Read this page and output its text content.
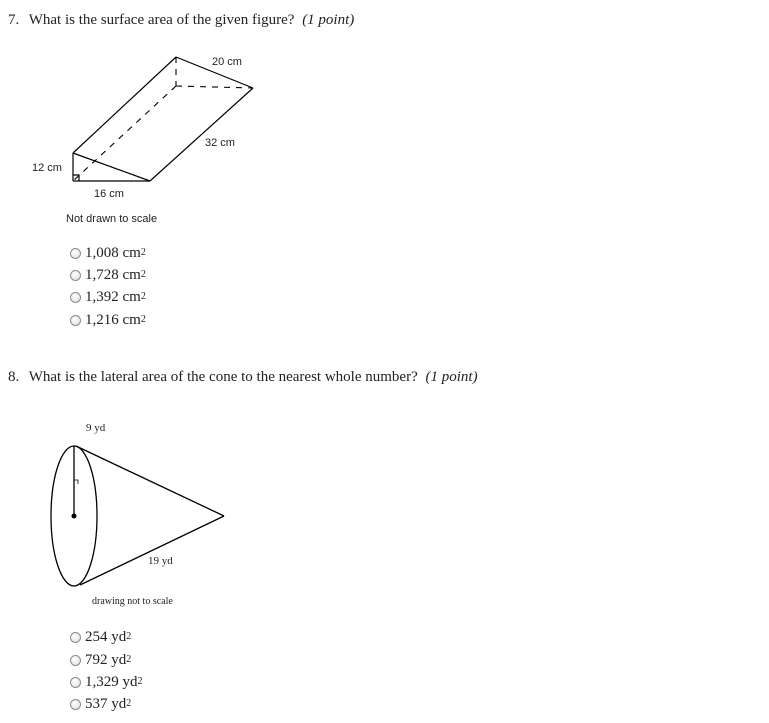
7. What is the surface area of the given figure? (1 point)
20 cm
32 cm
12 cm
16 cm
Not drawn to scale
1,008 $cm^2$
1,728 $cm^2$
1,392 $cm^2$
1,216 $cm^2$
8. What is the lateral area of the cone to the nearest whole number? (1 point)
9 yd
19 yd
drawing not to scale
254 $yd^2$
792 $yd^2$
1,329 $yd^2$
537 $yd^2$
